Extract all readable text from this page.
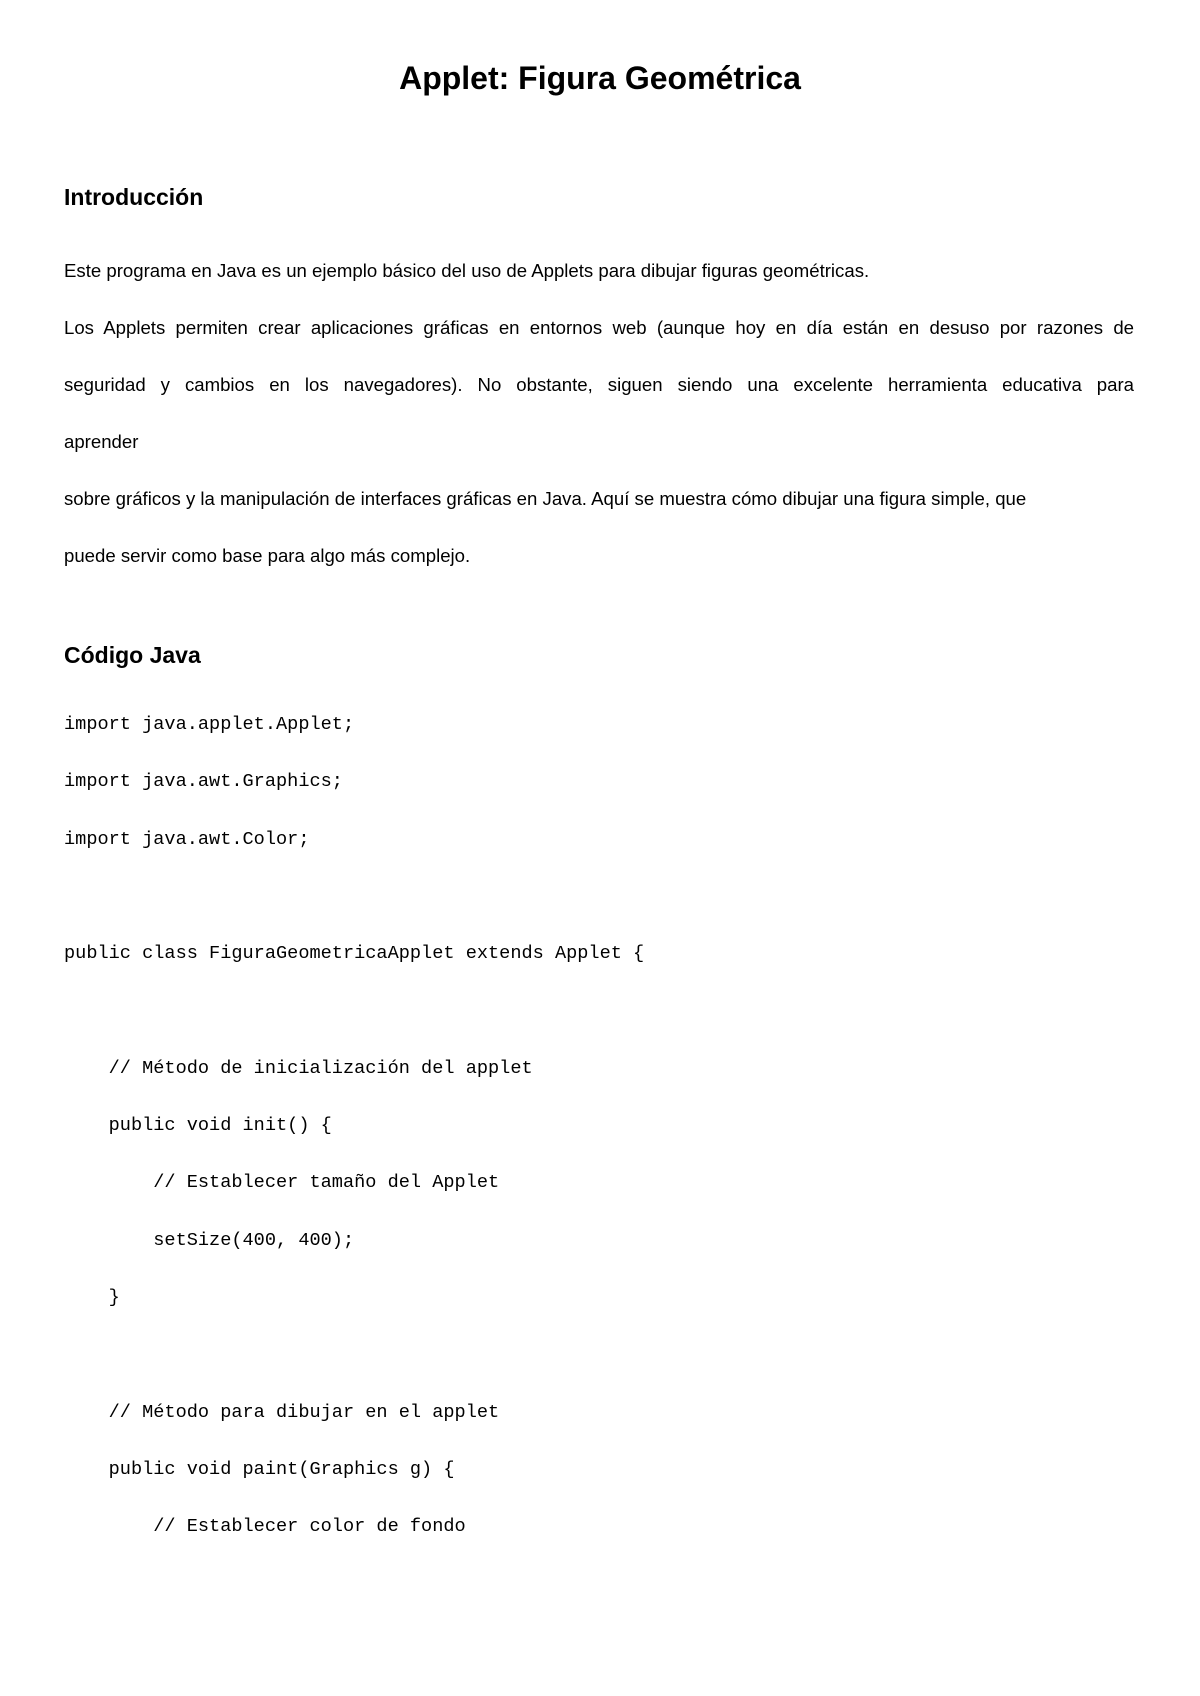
Applet: Figura Geométrica
Introducción

Este programa en Java es un ejemplo básico del uso de Applets para dibujar figuras geométricas.

Los Applets permiten crear aplicaciones gráficas en entornos web (aunque hoy en día están en desuso por razones de

seguridad y cambios en los navegadores). No obstante, siguen siendo una excelente herramienta educativa para

aprender

sobre gráficos y la manipulación de interfaces gráficas en Java. Aquí se muestra cómo dibujar una figura simple, que

puede servir como base para algo más complejo.

Código Java
import java.applet.Applet;
import java.awt.Graphics;
import java.awt.Color;
public class FiguraGeometricaApplet extends Applet {
// Método de inicialización del applet
public void init() {
// Establecer tamaño del Applet
setSize(400, 400);
}
// Método para dibujar en el applet
public void paint(Graphics g) {
// Establecer color de fondo
